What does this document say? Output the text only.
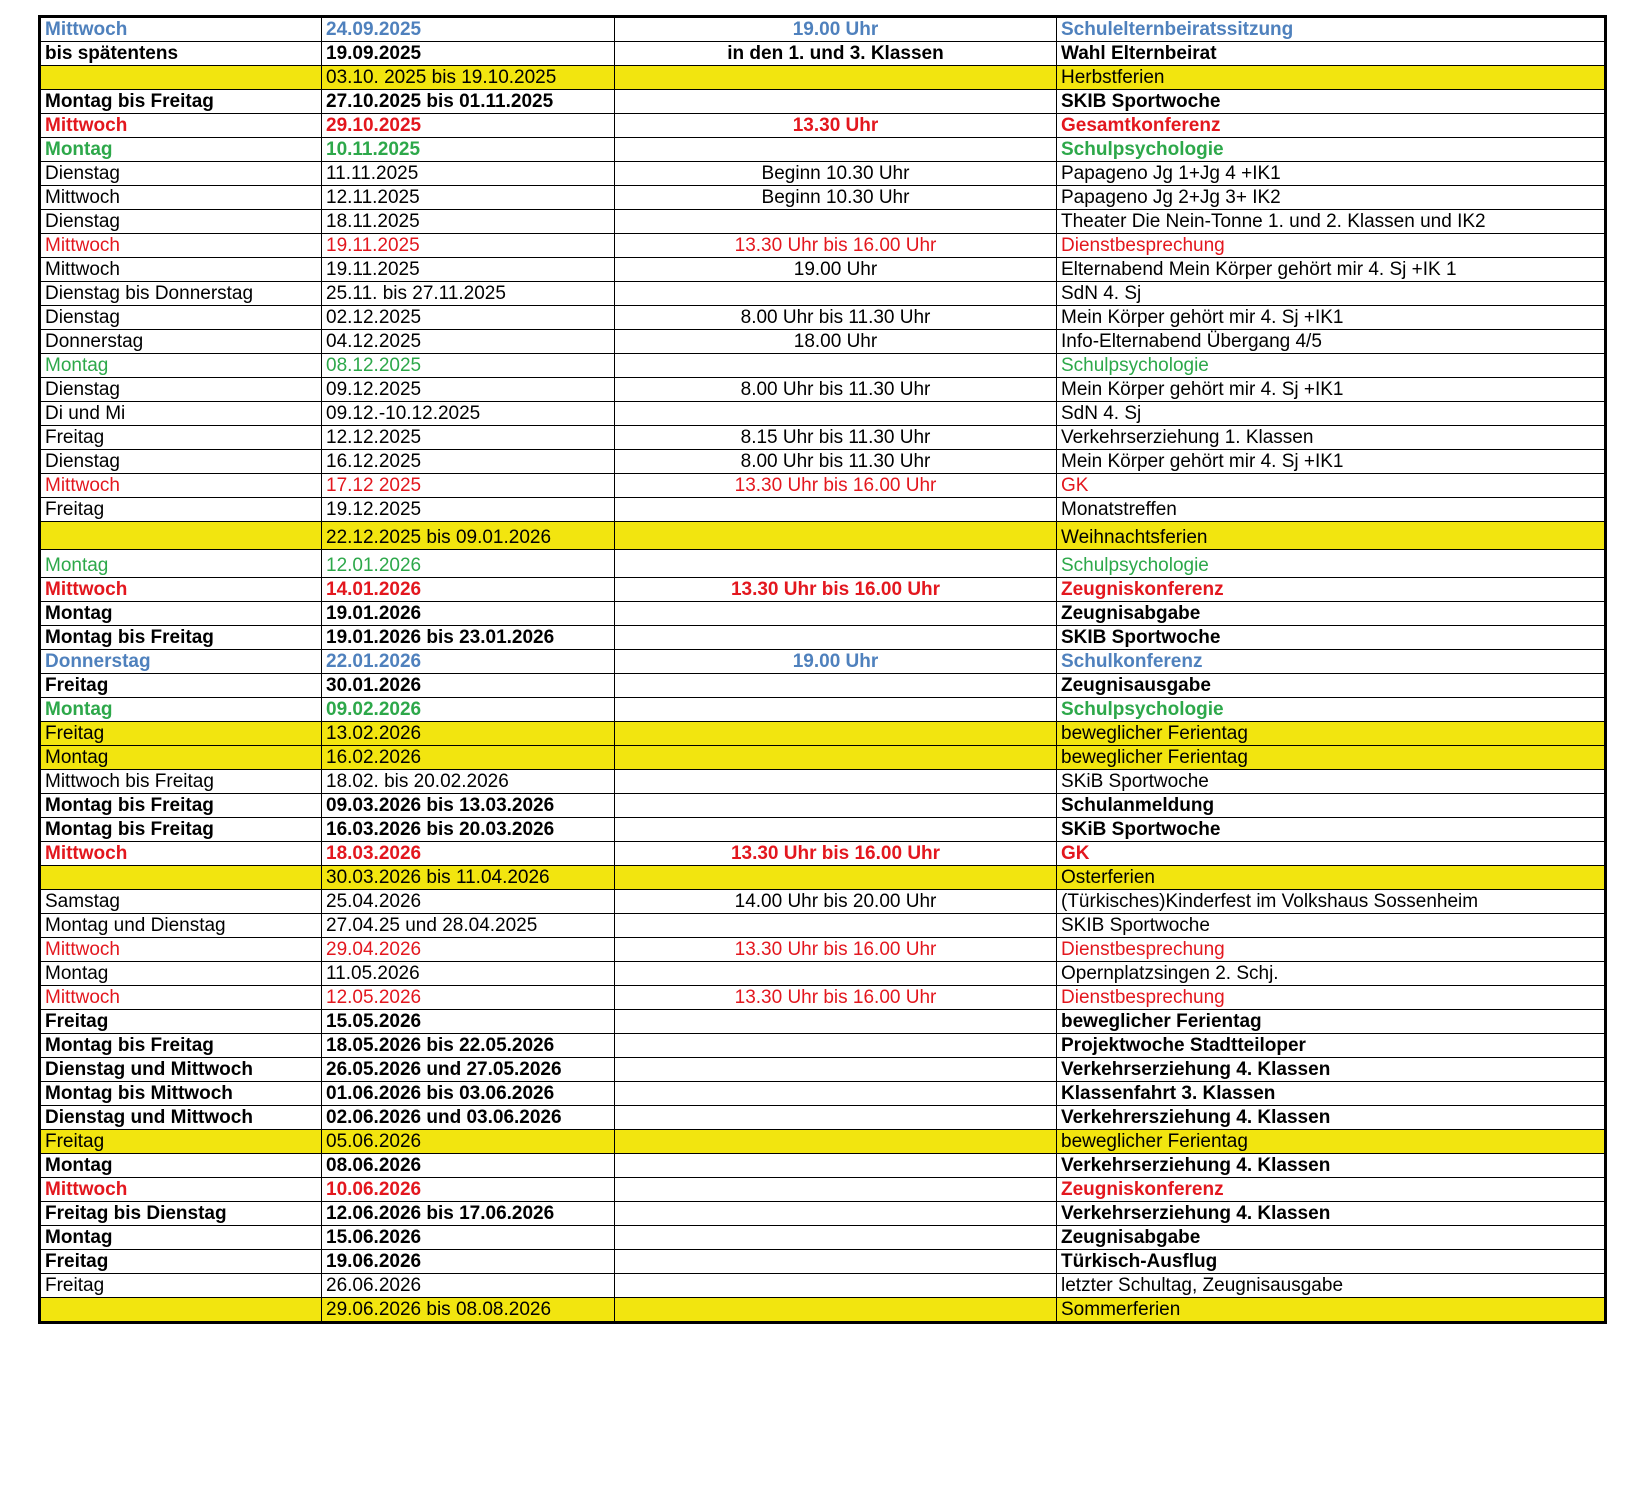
Mittwoch	24.09.2025	19.00 Uhr	Schulelternbeiratssitzung
bis spätentens	19.09.2025	in den 1. und 3. Klassen	Wahl Elternbeirat
	03.10. 2025 bis 19.10.2025		Herbstferien
Montag bis Freitag	27.10.2025 bis 01.11.2025		SKIB Sportwoche
Mittwoch	29.10.2025	13.30 Uhr	Gesamtkonferenz
Montag	10.11.2025		Schulpsychologie
Dienstag	11.11.2025	Beginn 10.30 Uhr	Papageno Jg 1+Jg 4 +IK1
Mittwoch	12.11.2025	Beginn 10.30 Uhr	Papageno Jg 2+Jg 3+ IK2
Dienstag	18.11.2025		Theater Die Nein-Tonne 1. und 2. Klassen und IK2
Mittwoch	19.11.2025	13.30 Uhr bis 16.00 Uhr	Dienstbesprechung
Mittwoch	19.11.2025	19.00 Uhr	Elternabend Mein Körper gehört mir 4. Sj +IK 1
Dienstag bis Donnerstag	25.11. bis 27.11.2025		SdN 4. Sj
Dienstag	02.12.2025	8.00 Uhr bis 11.30 Uhr	Mein Körper gehört mir 4. Sj +IK1
Donnerstag	04.12.2025	18.00 Uhr	Info-Elternabend Übergang 4/5
Montag	08.12.2025		Schulpsychologie
Dienstag	09.12.2025	8.00 Uhr bis 11.30 Uhr	Mein Körper gehört mir 4. Sj +IK1
Di und Mi	09.12.-10.12.2025		SdN 4. Sj
Freitag	12.12.2025	8.15 Uhr bis 11.30 Uhr	Verkehrserziehung 1. Klassen
Dienstag	16.12.2025	8.00 Uhr bis 11.30 Uhr	Mein Körper gehört mir 4. Sj +IK1
Mittwoch	17.12 2025	13.30 Uhr bis 16.00 Uhr	GK
Freitag	19.12.2025		Monatstreffen
	22.12.2025 bis 09.01.2026		Weihnachtsferien
Montag	12.01.2026		Schulpsychologie
Mittwoch	14.01.2026	13.30 Uhr bis 16.00 Uhr	Zeugniskonferenz
Montag	19.01.2026		Zeugnisabgabe
Montag bis Freitag	19.01.2026 bis 23.01.2026		SKIB Sportwoche
Donnerstag	22.01.2026	19.00 Uhr	Schulkonferenz
Freitag	30.01.2026		Zeugnisausgabe
Montag	09.02.2026		Schulpsychologie
Freitag	13.02.2026		beweglicher Ferientag
Montag	16.02.2026		beweglicher Ferientag
Mittwoch bis Freitag	18.02. bis 20.02.2026		SKiB Sportwoche
Montag bis Freitag	09.03.2026 bis 13.03.2026		Schulanmeldung
Montag bis Freitag	16.03.2026 bis 20.03.2026		SKiB Sportwoche
Mittwoch	18.03.2026	13.30 Uhr bis 16.00 Uhr	GK
	30.03.2026 bis 11.04.2026		Osterferien
Samstag	25.04.2026	14.00 Uhr bis 20.00 Uhr	(Türkisches)Kinderfest im Volkshaus Sossenheim
Montag und Dienstag	27.04.25 und 28.04.2025		SKIB Sportwoche
Mittwoch	29.04.2026	13.30 Uhr bis 16.00 Uhr	Dienstbesprechung
Montag	11.05.2026		Opernplatzsingen 2. Schj.
Mittwoch	12.05.2026	13.30 Uhr bis 16.00 Uhr	Dienstbesprechung
Freitag	15.05.2026		beweglicher Ferientag
Montag bis Freitag	18.05.2026 bis 22.05.2026		Projektwoche Stadtteiloper
Dienstag und Mittwoch	26.05.2026 und 27.05.2026		Verkehrserziehung 4. Klassen
Montag bis Mittwoch	01.06.2026 bis 03.06.2026		Klassenfahrt 3. Klassen
Dienstag und Mittwoch	02.06.2026 und 03.06.2026		Verkehrersziehung 4. Klassen
Freitag	05.06.2026		beweglicher Ferientag
Montag	08.06.2026		Verkehrserziehung 4. Klassen
Mittwoch	10.06.2026		Zeugniskonferenz
Freitag bis Dienstag	12.06.2026 bis 17.06.2026		Verkehrserziehung 4. Klassen
Montag	15.06.2026		Zeugnisabgabe
Freitag	19.06.2026		Türkisch-Ausflug
Freitag	26.06.2026		letzter Schultag, Zeugnisausgabe
	29.06.2026 bis 08.08.2026		Sommerferien
